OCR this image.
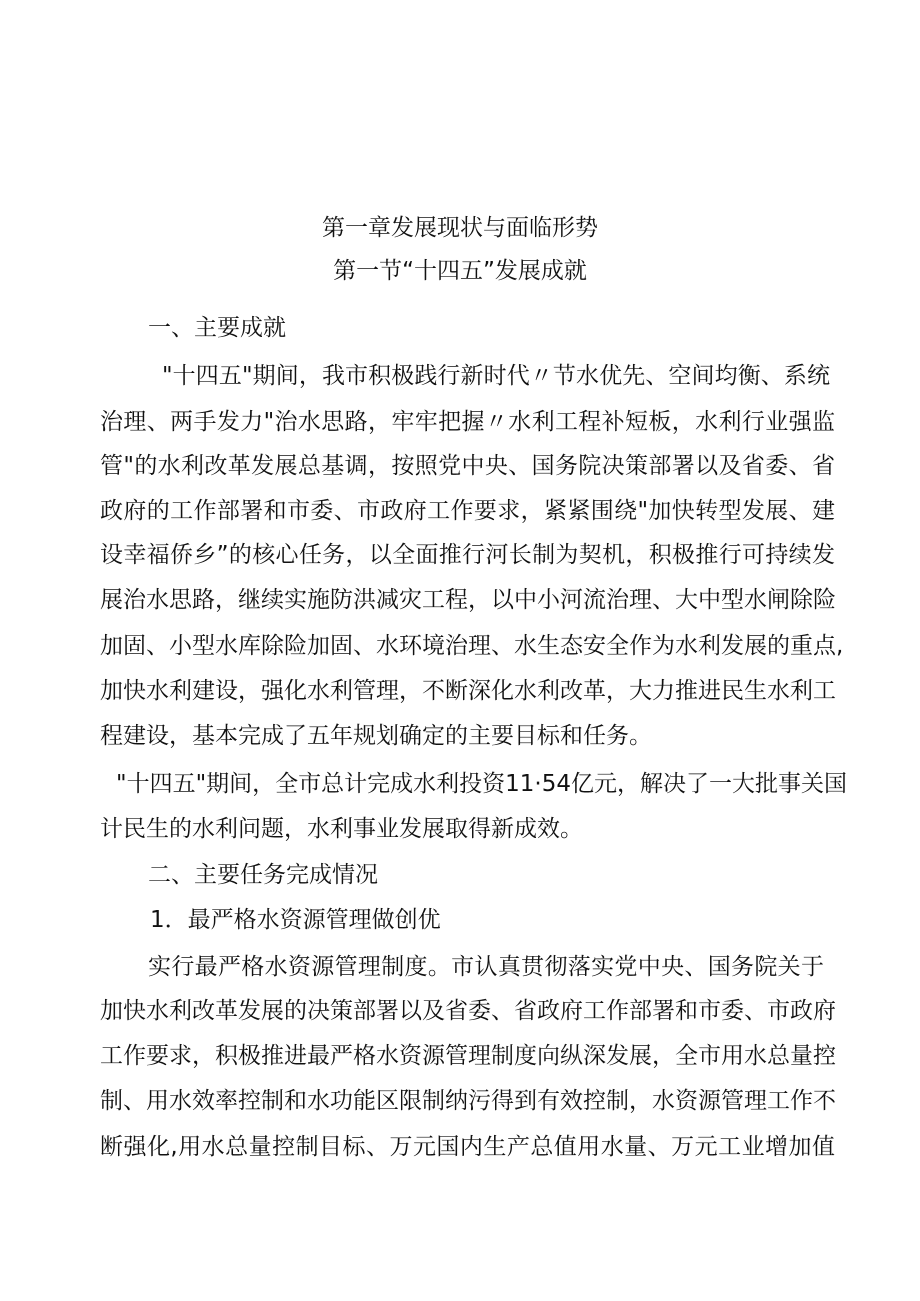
第一章发展现状与面临形势
第一节“十四五”发展成就
一、主要成就
"十四五"期间，我市积极践行新时代〃节水优先、空间均衡、系统
治理、两手发力"治水思路，牢牢把握〃水利工程补短板，水利行业强监
管"的水利改革发展总基调，按照党中央、国务院决策部署以及省委、省
政府的工作部署和市委、市政府工作要求，紧紧围绕"加快转型发展、建
设幸福侨乡”的核心任务，以全面推行河长制为契机，积极推行可持续发
展治水思路，继续实施防洪减灾工程，以中小河流治理、大中型水闸除险
加固、小型水库除险加固、水环境治理、水生态安全作为水利发展的重点,
加快水利建设，强化水利管理，不断深化水利改革，大力推进民生水利工
程建设，基本完成了五年规划确定的主要目标和任务。
"十四五"期间，全市总计完成水利投资11·54亿元，解决了一大批事关国
计民生的水利问题，水利事业发展取得新成效。
二、主要任务完成情况
1．最严格水资源管理做创优
实行最严格水资源管理制度。市认真贯彻落实党中央、国务院关于
加快水利改革发展的决策部署以及省委、省政府工作部署和市委、市政府
工作要求，积极推进最严格水资源管理制度向纵深发展，全市用水总量控
制、用水效率控制和水功能区限制纳污得到有效控制，水资源管理工作不
断强化,用水总量控制目标、万元国内生产总值用水量、万元工业增加值
